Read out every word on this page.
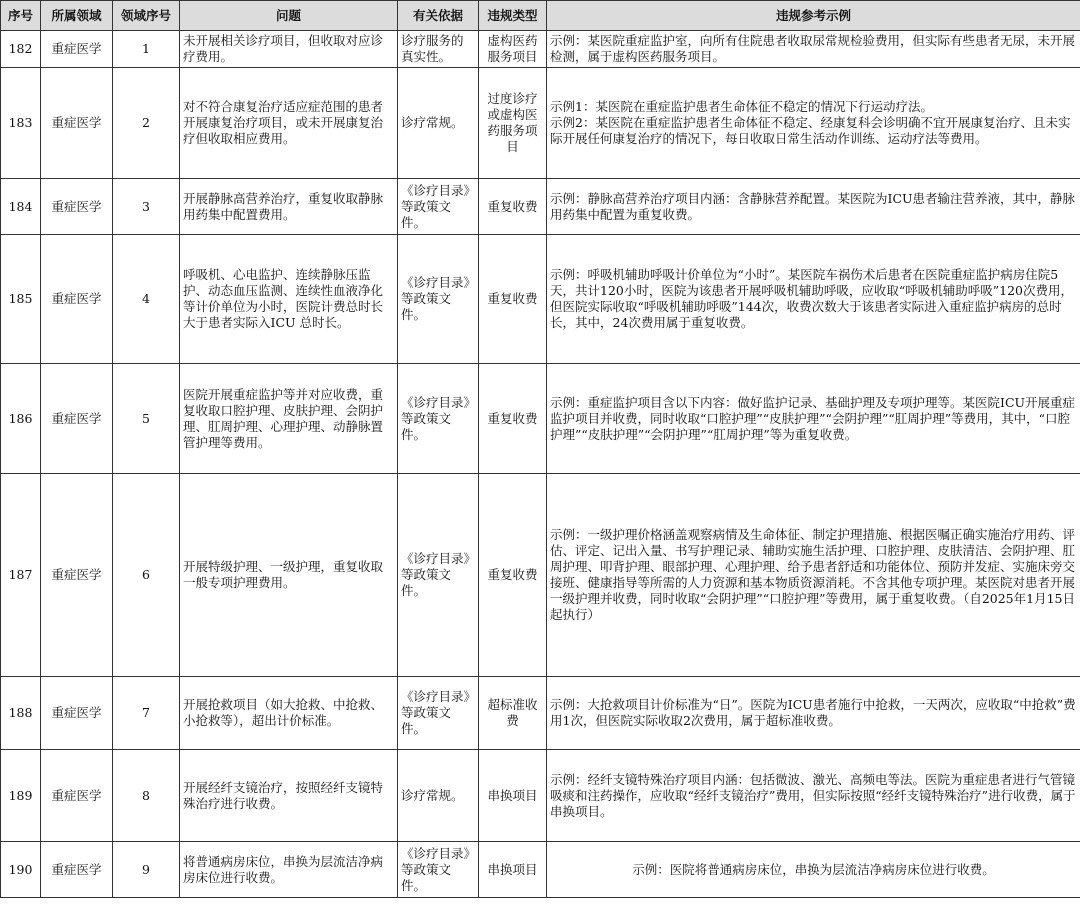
序号	所属领域	领域序号	问题	有关依据	违规类型	违规参考示例
182	重症医学	1	未开展相关诊疗项目，但收取对应诊疗费用。	诊疗服务的真实性。	虚构医药服务项目	示例：某医院重症监护室，向所有住院患者收取尿常规检验费用，但实际有些患者无尿，未开展检测，属于虚构医药服务项目。
183	重症医学	2	对不符合康复治疗适应症范围的患者开展康复治疗项目，或未开展康复治疗但收取相应费用。	诊疗常规。	过度诊疗或虚构医药服务项目	示例1：某医院在重症监护患者生命体征不稳定的情况下行运动疗法。
示例2：某医院在重症监护患者生命体征不稳定、经康复科会诊明确不宜开展康复治疗、且未实际开展任何康复治疗的情况下，每日收取日常生活动作训练、运动疗法等费用。
184	重症医学	3	开展静脉高营养治疗，重复收取静脉用药集中配置费用。	《诊疗目录》等政策文件。	重复收费	示例：静脉高营养治疗项目内涵：含静脉营养配置。某医院为ICU患者输注营养液，其中，静脉用药集中配置为重复收费。
185	重症医学	4	呼吸机、心电监护、连续静脉压监护、动态血压监测、连续性血液净化等计价单位为小时，医院计费总时长大于患者实际入ICU 总时长。	《诊疗目录》等政策文件。	重复收费	示例：呼吸机辅助呼吸计价单位为“小时”。某医院车祸伤术后患者在医院重症监护病房住院5天，共计120小时，医院为该患者开展呼吸机辅助呼吸，应收取“呼吸机辅助呼吸”120次费用，但医院实际收取“呼吸机辅助呼吸”144次，收费次数大于该患者实际进入重症监护病房的总时长，其中，24次费用属于重复收费。
186	重症医学	5	医院开展重症监护等并对应收费，重复收取口腔护理、皮肤护理、会阴护理、肛周护理、心理护理、动静脉置管护理等费用。	《诊疗目录》等政策文件。	重复收费	示例：重症监护项目含以下内容：做好监护记录、基础护理及专项护理等。某医院ICU开展重症监护项目并收费，同时收取“口腔护理”“皮肤护理”“会阴护理”“肛周护理”等费用，其中，“口腔护理”“皮肤护理”“会阴护理”“肛周护理”等为重复收费。
187	重症医学	6	开展特级护理、一级护理，重复收取一般专项护理费用。	《诊疗目录》等政策文件。	重复收费	示例：一级护理价格涵盖观察病情及生命体征、制定护理措施、根据医嘱正确实施治疗用药、评估、评定、记出入量、书写护理记录、辅助实施生活护理、口腔护理、皮肤清洁、会阴护理、肛周护理、叩背护理、眼部护理、心理护理、给予患者舒适和功能体位、预防并发症、实施床旁交接班、健康指导等所需的人力资源和基本物质资源消耗。不含其他专项护理。某医院对患者开展一级护理并收费，同时收取“会阴护理”“口腔护理”等费用，属于重复收费。（自2025年1月15日起执行）
188	重症医学	7	开展抢救项目（如大抢救、中抢救、小抢救等），超出计价标准。	《诊疗目录》等政策文件。	超标准收费	示例：大抢救项目计价标准为“日”。医院为ICU患者施行中抢救，一天两次，应收取“中抢救”费用1次，但医院实际收取2次费用，属于超标准收费。
189	重症医学	8	开展经纤支镜治疗，按照经纤支镜特殊治疗进行收费。	诊疗常规。	串换项目	示例：经纤支镜特殊治疗项目内涵：包括微波、激光、高频电等法。医院为重症患者进行气管镜吸痰和注药操作，应收取“经纤支镜治疗”费用，但实际按照“经纤支镜特殊治疗”进行收费，属于串换项目。
190	重症医学	9	将普通病房床位，串换为层流洁净病房床位进行收费。	《诊疗目录》等政策文件。	串换项目	示例：医院将普通病房床位，串换为层流洁净病房床位进行收费。
